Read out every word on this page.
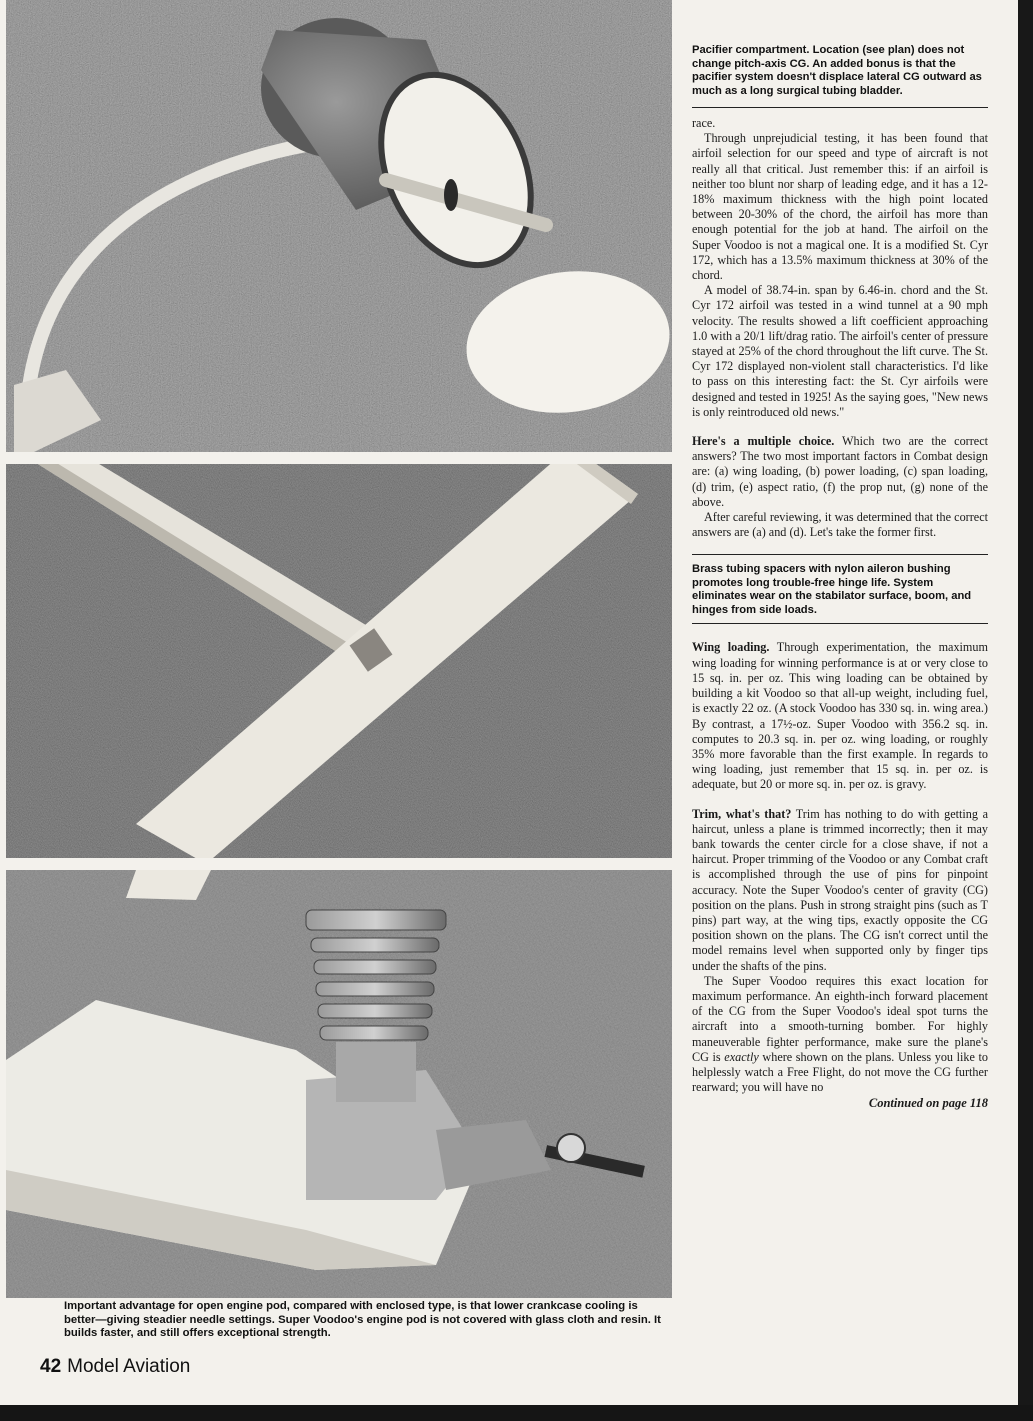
Important advantage for open engine pod, compared with enclosed type, is that lower crankcase cooling is better—giving steadier needle settings. Super Voodoo's engine pod is not covered with glass cloth and resin. It builds faster, and still offers exceptional strength.
42 Model Aviation
Pacifier compartment. Location (see plan) does not change pitch-axis CG. An added bonus is that the pacifier system doesn't displace lateral CG outward as much as a long surgical tubing bladder.

race.

Through unprejudicial testing, it has been found that airfoil selection for our speed and type of aircraft is not really all that critical. Just remember this: if an airfoil is neither too blunt nor sharp of leading edge, and it has a 12-18% maximum thickness with the high point located between 20-30% of the chord, the airfoil has more than enough potential for the job at hand. The airfoil on the Super Voodoo is not a magical one. It is a modified St. Cyr 172, which has a 13.5% maximum thickness at 30% of the chord.

A model of 38.74-in. span by 6.46-in. chord and the St. Cyr 172 airfoil was tested in a wind tunnel at a 90 mph velocity. The results showed a lift coefficient approaching 1.0 with a 20/1 lift/drag ratio. The airfoil's center of pressure stayed at 25% of the chord throughout the lift curve. The St. Cyr 172 displayed non-violent stall characteristics. I'd like to pass on this interesting fact: the St. Cyr airfoils were designed and tested in 1925! As the saying goes, "New news is only reintroduced old news."

Here's a multiple choice. Which two are the correct answers? The two most important factors in Combat design are: (a) wing loading, (b) power loading, (c) span loading, (d) trim, (e) aspect ratio, (f) the prop nut, (g) none of the above.

After careful reviewing, it was determined that the correct answers are (a) and (d). Let's take the former first.

Brass tubing spacers with nylon aileron bushing promotes long trouble-free hinge life. System eliminates wear on the stabilator surface, boom, and hinges from side loads.

Wing loading. Through experimentation, the maximum wing loading for winning performance is at or very close to 15 sq. in. per oz. This wing loading can be obtained by building a kit Voodoo so that all-up weight, including fuel, is exactly 22 oz. (A stock Voodoo has 330 sq. in. wing area.) By contrast, a 17½-oz. Super Voodoo with 356.2 sq. in. computes to 20.3 sq. in. per oz. wing loading, or roughly 35% more favorable than the first example. In regards to wing loading, just remember that 15 sq. in. per oz. is adequate, but 20 or more sq. in. per oz. is gravy.

Trim, what's that? Trim has nothing to do with getting a haircut, unless a plane is trimmed incorrectly; then it may bank towards the center circle for a close shave, if not a haircut. Proper trimming of the Voodoo or any Combat craft is accomplished through the use of pins for pinpoint accuracy. Note the Super Voodoo's center of gravity (CG) position on the plans. Push in strong straight pins (such as T pins) part way, at the wing tips, exactly opposite the CG position shown on the plans. The CG isn't correct until the model remains level when supported only by finger tips under the shafts of the pins.

The Super Voodoo requires this exact location for maximum performance. An eighth-inch forward placement of the CG from the Super Voodoo's ideal spot turns the aircraft into a smooth-turning bomber. For highly maneuverable fighter performance, make sure the plane's CG is exactly where shown on the plans. Unless you like to helplessly watch a Free Flight, do not move the CG further rearward; you will have no

Continued on page 118
